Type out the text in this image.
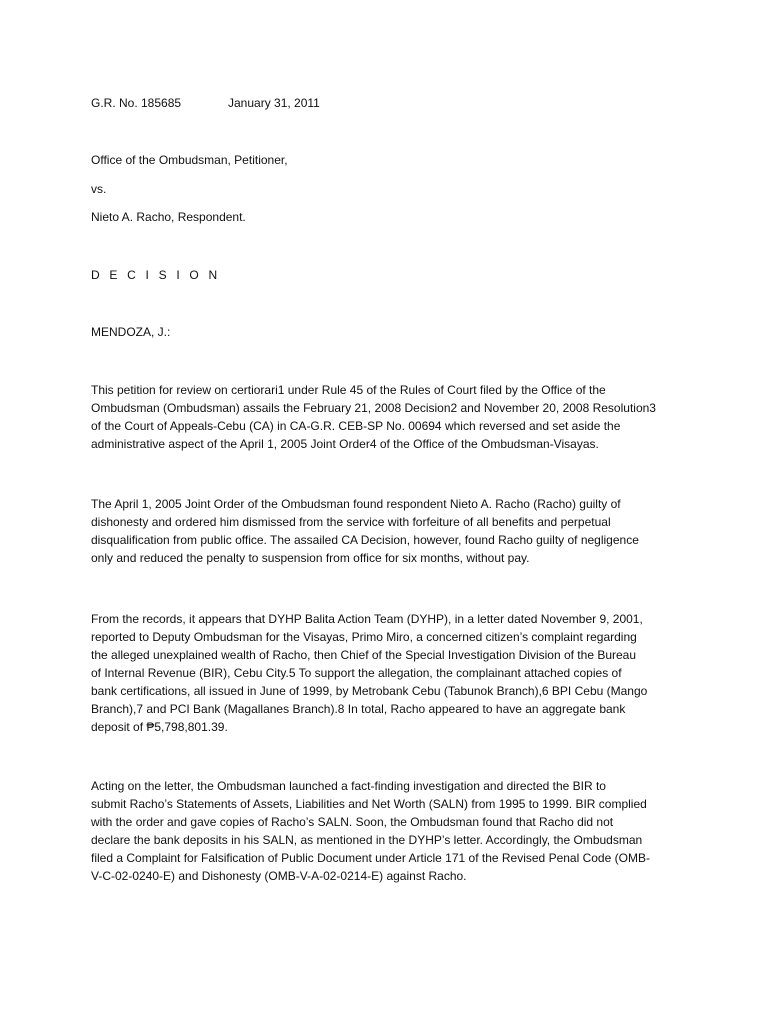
G.R. No. 185685	January 31, 2011
Office of the Ombudsman, Petitioner,
vs.
Nieto A. Racho, Respondent.
D E C I S I O N
MENDOZA, J.:
This petition for review on certiorari1 under Rule 45 of the Rules of Court filed by the Office of the
Ombudsman (Ombudsman) assails the February 21, 2008 Decision2 and November 20, 2008 Resolution3
of the Court of Appeals-Cebu (CA) in CA-G.R. CEB-SP No. 00694 which reversed and set aside the
administrative aspect of the April 1, 2005 Joint Order4 of the Office of the Ombudsman-Visayas.
The April 1, 2005 Joint Order of the Ombudsman found respondent Nieto A. Racho (Racho) guilty of
dishonesty and ordered him dismissed from the service with forfeiture of all benefits and perpetual
disqualification from public office. The assailed CA Decision, however, found Racho guilty of negligence
only and reduced the penalty to suspension from office for six months, without pay.
From the records, it appears that DYHP Balita Action Team (DYHP), in a letter dated November 9, 2001,
reported to Deputy Ombudsman for the Visayas, Primo Miro, a concerned citizen’s complaint regarding
the alleged unexplained wealth of Racho, then Chief of the Special Investigation Division of the Bureau
of Internal Revenue (BIR), Cebu City.5 To support the allegation, the complainant attached copies of
bank certifications, all issued in June of 1999, by Metrobank Cebu (Tabunok Branch),6 BPI Cebu (Mango
Branch),7 and PCI Bank (Magallanes Branch).8 In total, Racho appeared to have an aggregate bank
deposit of ₱5,798,801.39.
Acting on the letter, the Ombudsman launched a fact-finding investigation and directed the BIR to
submit Racho’s Statements of Assets, Liabilities and Net Worth (SALN) from 1995 to 1999. BIR complied
with the order and gave copies of Racho’s SALN. Soon, the Ombudsman found that Racho did not
declare the bank deposits in his SALN, as mentioned in the DYHP’s letter. Accordingly, the Ombudsman
filed a Complaint for Falsification of Public Document under Article 171 of the Revised Penal Code (OMB-
V-C-02-0240-E) and Dishonesty (OMB-V-A-02-0214-E) against Racho.
